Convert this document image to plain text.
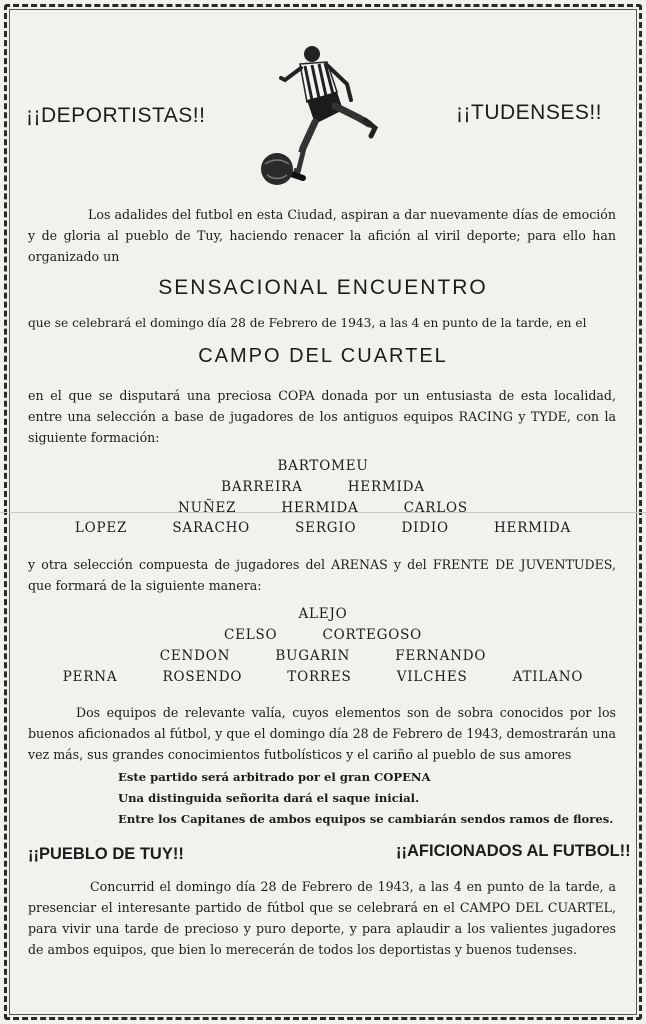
¡¡DEPORTISTAS!!	¡¡TUDENSES!!
Los adalides del futbol en esta Ciudad, aspiran a dar nuevamente días de emoción y de gloria al pueblo de Tuy, haciendo renacer la afición al viril deporte; para ello han organizado un
SENSACIONAL ENCUENTRO
que se celebrará el domingo día 28 de Febrero de 1943, a las 4 en punto de la tarde, en el
CAMPO DEL CUARTEL
en el que se disputará una preciosa COPA donada por un entusiasta de esta localidad, entre una selección a base de jugadores de los antiguos equipos RACING y TYDE, con la siguiente formación:
BARTOMEU
BARREIRA	HERMIDA
NUÑEZ	HERMIDA	CARLOS
LOPEZ	SARACHO	SERGIO	DIDIO	HERMIDA
y otra selección compuesta de jugadores del ARENAS y del FRENTE DE JUVENTUDES, que formará de la siguiente manera:
ALEJO
CELSO	CORTEGOSO
CENDON	BUGARIN	FERNANDO
PERNA	ROSENDO	TORRES	VILCHES	ATILANO
Dos equipos de relevante valía, cuyos elementos son de sobra conocidos por los buenos aficionados al fútbol, y que el domingo día 28 de Febrero de 1943, demostrarán una vez más, sus grandes conocimientos futbolísticos y el cariño al pueblo de sus amores
Este partido será arbitrado por el gran COPENA
Una distinguida señorita dará el saque inicial.
Entre los Capitanes de ambos equipos se cambiarán sendos ramos de flores.
¡¡PUEBLO DE TUY!!	¡¡AFICIONADOS AL FUTBOL!!
Concurrid el domingo día 28 de Febrero de 1943, a las 4 en punto de la tarde, a presenciar el interesante partido de fútbol que se celebrará en el CAMPO DEL CUARTEL, para vivir una tarde de precioso y puro deporte, y para aplaudir a los valientes jugadores de ambos equipos, que bien lo merecerán de todos los deportistas y buenos tudenses.
